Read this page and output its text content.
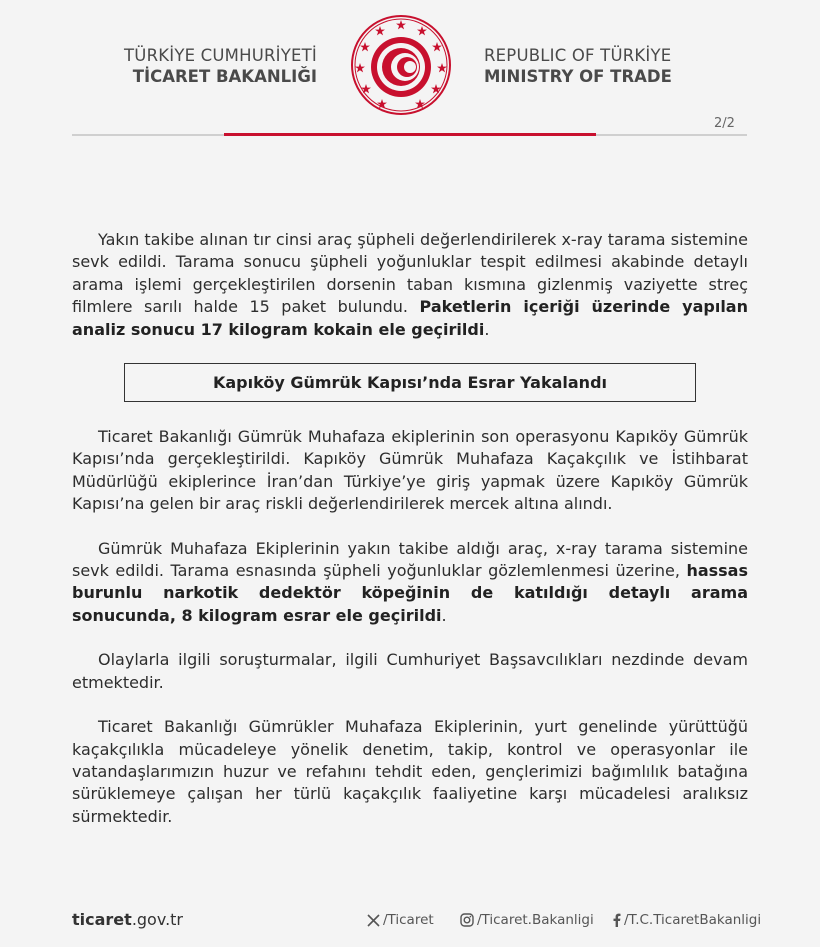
TÜRKİYE CUMHURİYETİ
TİCARET BAKANLIĞI
REPUBLIC OF TÜRKİYE
MINISTRY OF TRADE
2/2

Yakın takibe alınan tır cinsi araç şüpheli değerlendirilerek x-ray tarama sistemine sevk edildi. Tarama sonucu şüpheli yoğunluklar tespit edilmesi akabinde detaylı arama işlemi gerçekleştirilen dorsenin taban kısmına gizlenmiş vaziyette streç filmlere sarılı halde 15 paket bulundu. Paketlerin içeriği üzerinde yapılan analiz sonucu 17 kilogram kokain ele geçirildi.

Kapıköy Gümrük Kapısı’nda Esrar Yakalandı

Ticaret Bakanlığı Gümrük Muhafaza ekiplerinin son operasyonu Kapıköy Gümrük Kapısı’nda gerçekleştirildi. Kapıköy Gümrük Muhafaza Kaçakçılık ve İstihbarat Müdürlüğü ekiplerince İran’dan Türkiye’ye giriş yapmak üzere Kapıköy Gümrük Kapısı’na gelen bir araç riskli değerlendirilerek mercek altına alındı.

Gümrük Muhafaza Ekiplerinin yakın takibe aldığı araç, x-ray tarama sistemine sevk edildi. Tarama esnasında şüpheli yoğunluklar gözlemlenmesi üzerine, hassas burunlu narkotik dedektör köpeğinin de katıldığı detaylı arama sonucunda, 8 kilogram esrar ele geçirildi.

Olaylarla ilgili soruşturmalar, ilgili Cumhuriyet Başsavcılıkları nezdinde devam etmektedir.

Ticaret Bakanlığı Gümrükler Muhafaza Ekiplerinin, yurt genelinde yürüttüğü kaçakçılıkla mücadeleye yönelik denetim, takip, kontrol ve operasyonlar ile vatandaşlarımızın huzur ve refahını tehdit eden, gençlerimizi bağımlılık batağına sürüklemeye çalışan her türlü kaçakçılık faaliyetine karşı mücadelesi aralıksız sürmektedir.

ticaret.gov.tr	/Ticaret	/Ticaret.Bakanligi /T.C.TicaretBakanligi
